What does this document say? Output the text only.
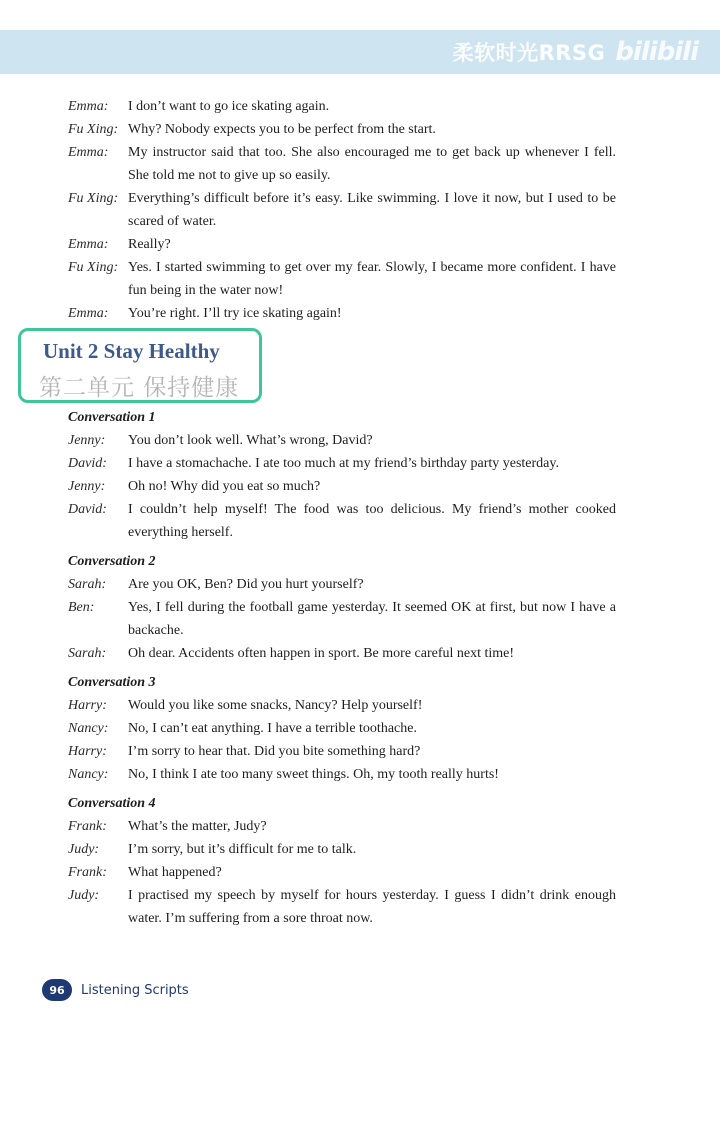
柔软时光RRSG bilibili
Emma: I don’t want to go ice skating again.
Fu Xing: Why? Nobody expects you to be perfect from the start.
Emma: My instructor said that too. She also encouraged me to get back up whenever I fell. She told me not to give up so easily.
Fu Xing: Everything’s difficult before it’s easy. Like swimming. I love it now, but I used to be scared of water.
Emma: Really?
Fu Xing: Yes. I started swimming to get over my fear. Slowly, I became more confident. I have fun being in the water now!
Emma: You’re right. I’ll try ice skating again!
Unit 2 Stay Healthy
第二单元 保持健康
Conversation 1
Jenny: You don’t look well. What’s wrong, David?
David: I have a stomachache. I ate too much at my friend’s birthday party yesterday.
Jenny: Oh no! Why did you eat so much?
David: I couldn’t help myself! The food was too delicious. My friend’s mother cooked everything herself.
Conversation 2
Sarah: Are you OK, Ben? Did you hurt yourself?
Ben: Yes, I fell during the football game yesterday. It seemed OK at first, but now I have a backache.
Sarah: Oh dear. Accidents often happen in sport. Be more careful next time!
Conversation 3
Harry: Would you like some snacks, Nancy? Help yourself!
Nancy: No, I can’t eat anything. I have a terrible toothache.
Harry: I’m sorry to hear that. Did you bite something hard?
Nancy: No, I think I ate too many sweet things. Oh, my tooth really hurts!
Conversation 4
Frank: What’s the matter, Judy?
Judy: I’m sorry, but it’s difficult for me to talk.
Frank: What happened?
Judy: I practised my speech by myself for hours yesterday. I guess I didn’t drink enough water. I’m suffering from a sore throat now.
96	Listening Scripts
